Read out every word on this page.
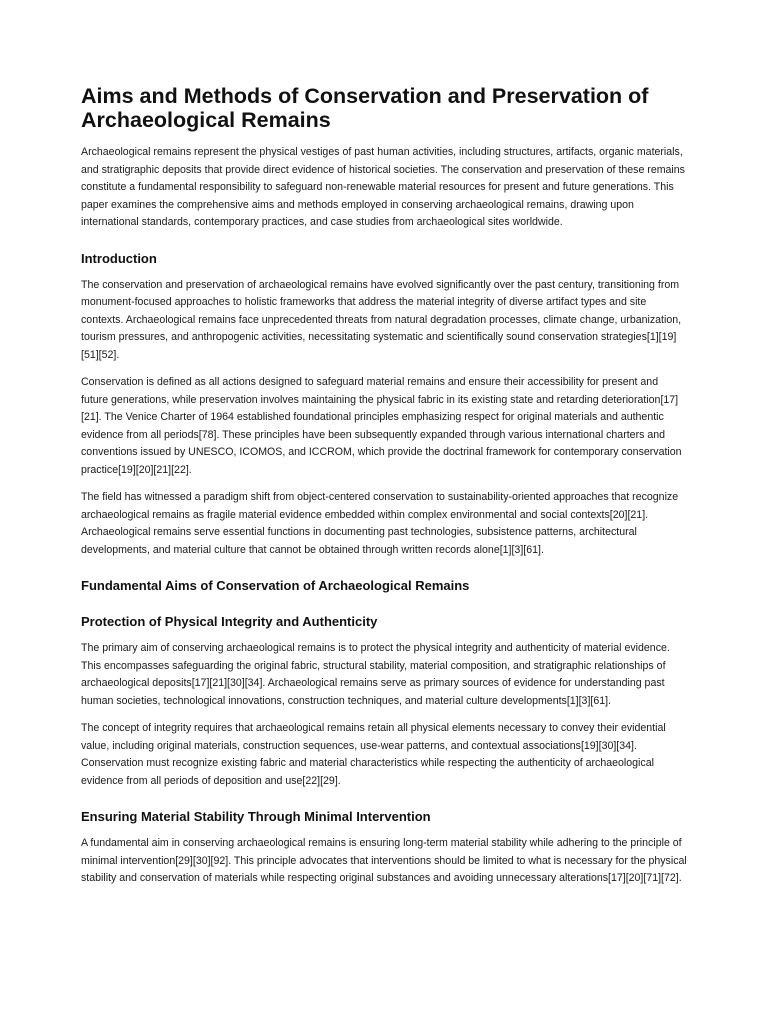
Aims and Methods of Conservation and Preservation of Archaeological Remains

Archaeological remains represent the physical vestiges of past human activities, including structures, artifacts, organic materials, and stratigraphic deposits that provide direct evidence of historical societies. The conservation and preservation of these remains constitute a fundamental responsibility to safeguard non-renewable material resources for present and future generations. This paper examines the comprehensive aims and methods employed in conserving archaeological remains, drawing upon international standards, contemporary practices, and case studies from archaeological sites worldwide.

Introduction

The conservation and preservation of archaeological remains have evolved significantly over the past century, transitioning from monument-focused approaches to holistic frameworks that address the material integrity of diverse artifact types and site contexts. Archaeological remains face unprecedented threats from natural degradation processes, climate change, urbanization, tourism pressures, and anthropogenic activities, necessitating systematic and scientifically sound conservation strategies[1][19][51][52].

Conservation is defined as all actions designed to safeguard material remains and ensure their accessibility for present and future generations, while preservation involves maintaining the physical fabric in its existing state and retarding deterioration[17][21]. The Venice Charter of 1964 established foundational principles emphasizing respect for original materials and authentic evidence from all periods[78]. These principles have been subsequently expanded through various international charters and conventions issued by UNESCO, ICOMOS, and ICCROM, which provide the doctrinal framework for contemporary conservation practice[19][20][21][22].

The field has witnessed a paradigm shift from object-centered conservation to sustainability-oriented approaches that recognize archaeological remains as fragile material evidence embedded within complex environmental and social contexts[20][21]. Archaeological remains serve essential functions in documenting past technologies, subsistence patterns, architectural developments, and material culture that cannot be obtained through written records alone[1][3][61].

Fundamental Aims of Conservation of Archaeological Remains
Protection of Physical Integrity and Authenticity

The primary aim of conserving archaeological remains is to protect the physical integrity and authenticity of material evidence. This encompasses safeguarding the original fabric, structural stability, material composition, and stratigraphic relationships of archaeological deposits[17][21][30][34]. Archaeological remains serve as primary sources of evidence for understanding past human societies, technological innovations, construction techniques, and material culture developments[1][3][61].

The concept of integrity requires that archaeological remains retain all physical elements necessary to convey their evidential value, including original materials, construction sequences, use-wear patterns, and contextual associations[19][30][34]. Conservation must recognize existing fabric and material characteristics while respecting the authenticity of archaeological evidence from all periods of deposition and use[22][29].

Ensuring Material Stability Through Minimal Intervention

A fundamental aim in conserving archaeological remains is ensuring long-term material stability while adhering to the principle of minimal intervention[29][30][92]. This principle advocates that interventions should be limited to what is necessary for the physical stability and conservation of materials while respecting original substances and avoiding unnecessary alterations[17][20][71][72].
